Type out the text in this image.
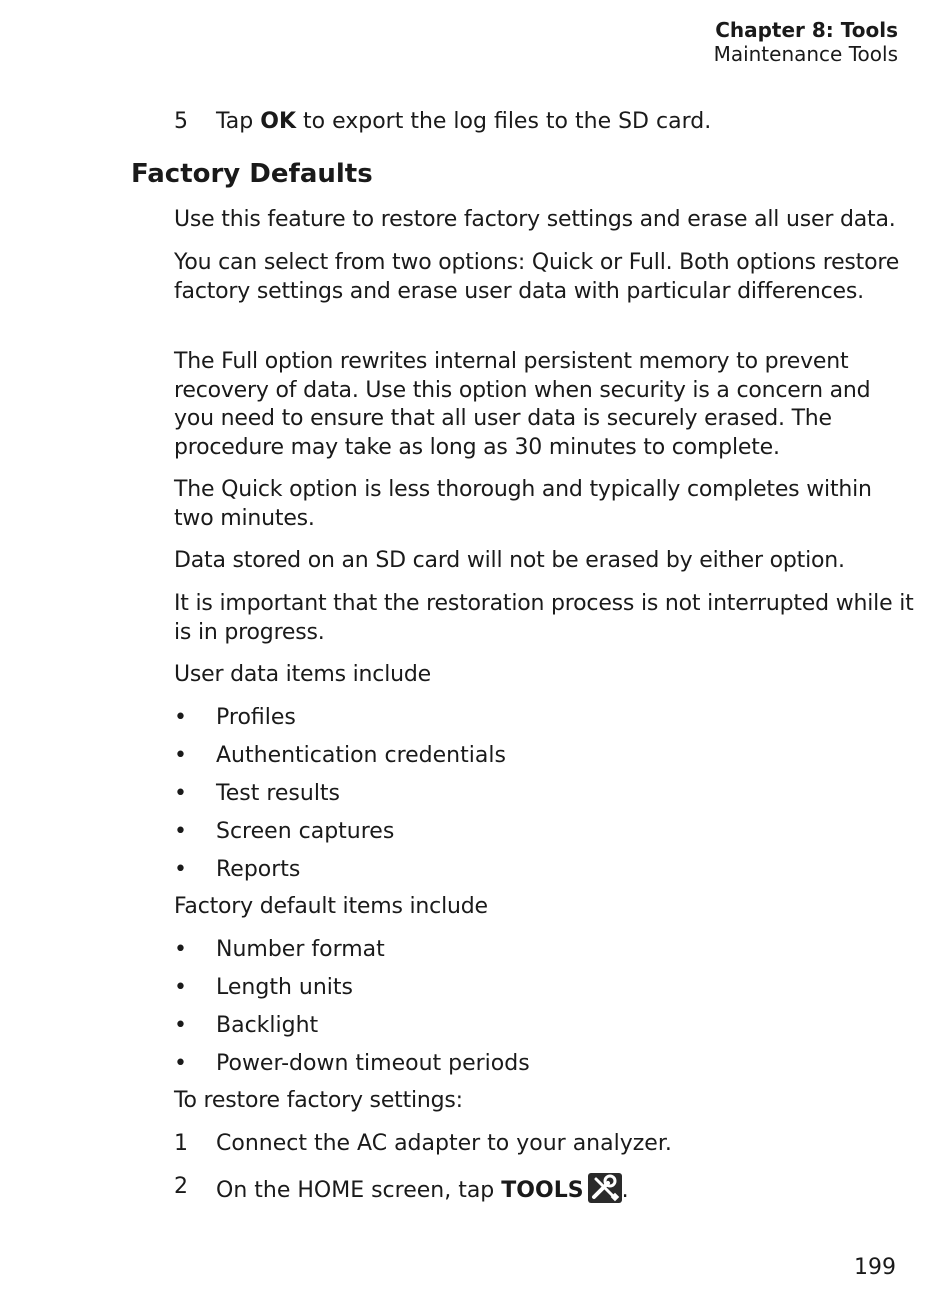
Chapter 8: Tools
Maintenance Tools
5 Tap OK to export the log files to the SD card.
Factory Defaults
Use this feature to restore factory settings and erase all user data.
You can select from two options: Quick or Full. Both options restore factory settings and erase user data with particular differences.
The Full option rewrites internal persistent memory to prevent recovery of data. Use this option when security is a concern and you need to ensure that all user data is securely erased. The procedure may take as long as 30 minutes to complete.
The Quick option is less thorough and typically completes within two minutes.
Data stored on an SD card will not be erased by either option.
It is important that the restoration process is not interrupted while it is in progress.
User data items include
• Profiles
• Authentication credentials
• Test results
• Screen captures
• Reports
Factory default items include
• Number format
• Length units
• Backlight
• Power-down timeout periods
To restore factory settings:
1 Connect the AC adapter to your analyzer.
2 On the HOME screen, tap TOOLS .
199
